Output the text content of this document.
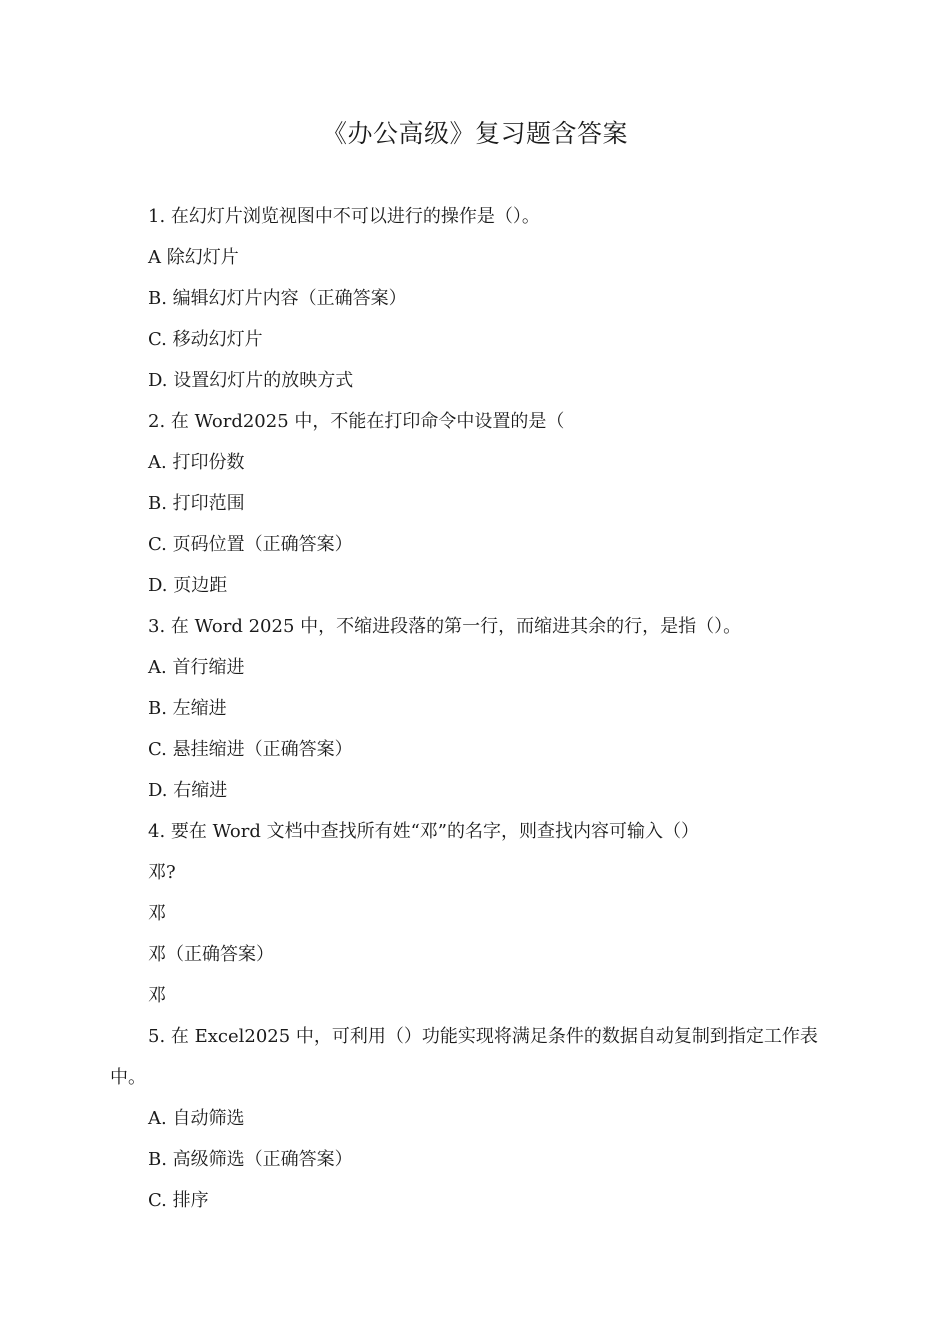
《办公高级》复习题含答案
1. 在幻灯片浏览视图中不可以进行的操作是（）。
A 除幻灯片
B. 编辑幻灯片内容（正确答案）
C. 移动幻灯片
D. 设置幻灯片的放映方式
2. 在 Word2025 中，不能在打印命令中设置的是（
A. 打印份数
B. 打印范围
C. 页码位置（正确答案）
D. 页边距
3. 在 Word 2025 中，不缩进段落的第一行，而缩进其余的行，是指（）。
A. 首行缩进
B. 左缩进
C. 悬挂缩进（正确答案）
D. 右缩进
4. 要在 Word 文档中查找所有姓“邓”的名字，则查找内容可输入（）
邓?
邓
邓（正确答案）
邓
5. 在 Excel2025 中，可利用（）功能实现将满足条件的数据自动复制到指定工作表中。
A. 自动筛选
B. 高级筛选（正确答案）
C. 排序
